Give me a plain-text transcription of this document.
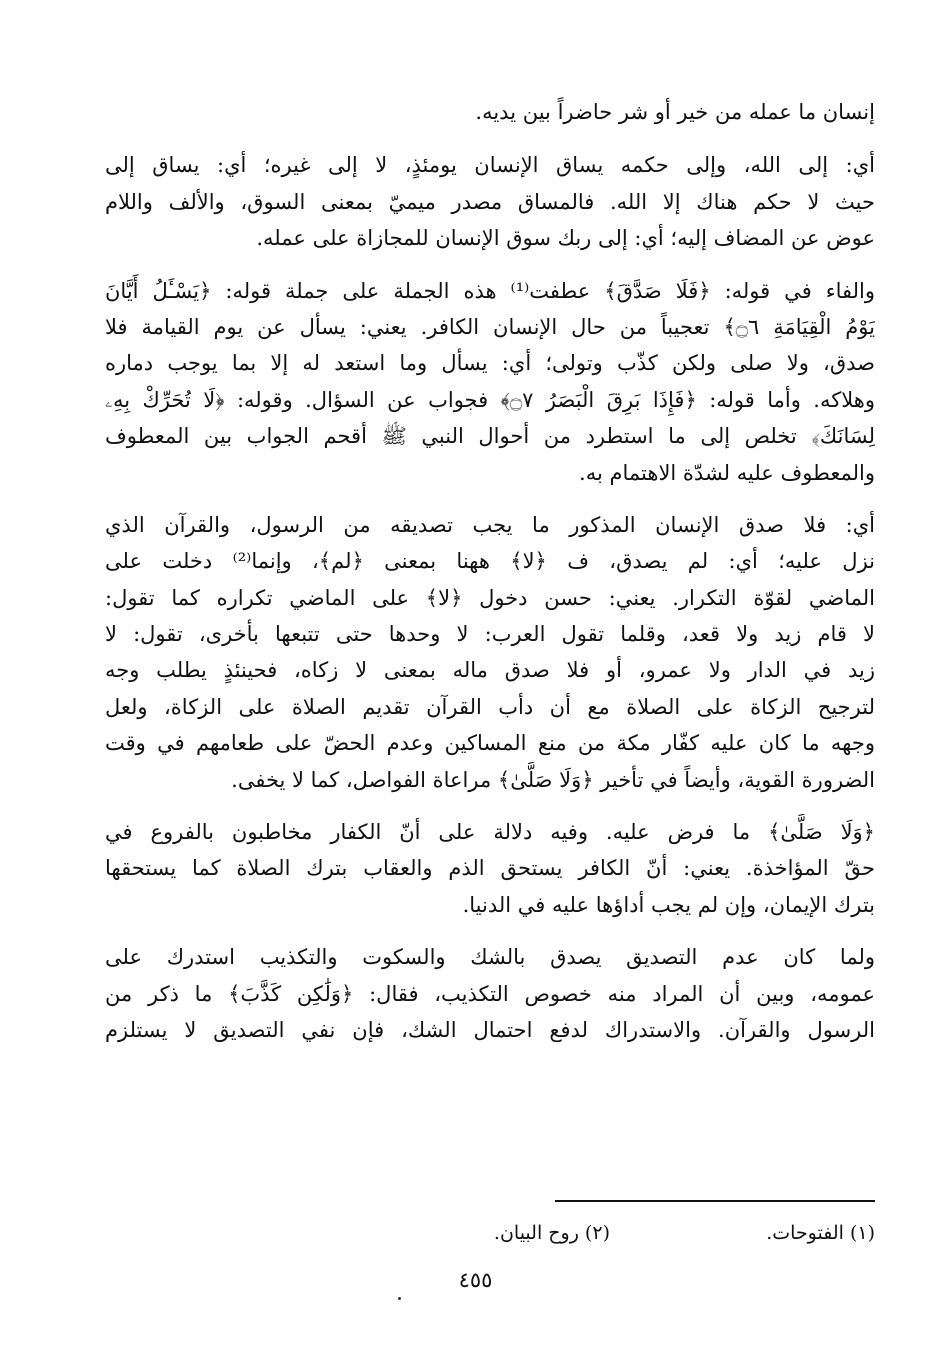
إنسان ما عمله من خير أو شر حاضراً بين يديه.
أي: إلى الله، وإلى حكمه يساق الإنسان يومئذٍ، لا إلى غيره؛ أي: يساق إلى
حيث لا حكم هناك إلا الله. فالمساق مصدر ميميّ بمعنى السوق، والألف واللام
عوض عن المضاف إليه؛ أي: إلى ربك سوق الإنسان للمجازاة على عمله.
والفاء في قوله: ﴿فَلَا صَدَّقَ﴾ عطفت⁽¹⁾ هذه الجملة على جملة قوله: ﴿يَسْـَٔلُ أَيَّانَ
يَوْمُ الْقِيَامَةِ ۝٦﴾ تعجيباً من حال الإنسان الكافر. يعني: يسأل عن يوم القيامة فلا
صدق، ولا صلى ولكن كذّب وتولى؛ أي: يسأل وما استعد له إلا بما يوجب دماره
وهلاكه. وأما قوله: ﴿فَإِذَا بَرِقَ الْبَصَرُ ۝٧﴾ فجواب عن السؤال. وقوله: ﴿لَا تُحَرِّكْ بِهِۦ
لِسَانَكَ﴾ تخلص إلى ما استطرد من أحوال النبي ﷺ أقحم الجواب بين المعطوف
والمعطوف عليه لشدّة الاهتمام به.
أي: فلا صدق الإنسان المذكور ما يجب تصديقه من الرسول، والقرآن الذي
نزل عليه؛ أي: لم يصدق، ف ﴿لا﴾ ههنا بمعنى ﴿لم﴾، وإنما⁽²⁾ دخلت على
الماضي لقوّة التكرار. يعني: حسن دخول ﴿لا﴾ على الماضي تكراره كما تقول:
لا قام زيد ولا قعد، وقلما تقول العرب: لا وحدها حتى تتبعها بأخرى، تقول: لا
زيد في الدار ولا عمرو، أو فلا صدق ماله بمعنى لا زكاه، فحينئذٍ يطلب وجه
لترجيح الزكاة على الصلاة مع أن دأب القرآن تقديم الصلاة على الزكاة، ولعل
وجهه ما كان عليه كفّار مكة من منع المساكين وعدم الحضّ على طعامهم في وقت
الضرورة القوية، وأيضاً في تأخير ﴿وَلَا صَلَّىٰ﴾ مراعاة الفواصل، كما لا يخفى.
﴿وَلَا صَلَّىٰ﴾ ما فرض عليه. وفيه دلالة على أنّ الكفار مخاطبون بالفروع في
حقّ المؤاخذة. يعني: أنّ الكافر يستحق الذم والعقاب بترك الصلاة كما يستحقها
بترك الإيمان، وإن لم يجب أداؤها عليه في الدنيا.
ولما كان عدم التصديق يصدق بالشك والسكوت والتكذيب استدرك على
عمومه، وبين أن المراد منه خصوص التكذيب، فقال: ﴿وَلَٰكِن كَذَّبَ﴾ ما ذكر من
الرسول والقرآن. والاستدراك لدفع احتمال الشك، فإن نفي التصديق لا يستلزم
(١) الفتوحات.
(٢) روح البيان.
٤٥٥
